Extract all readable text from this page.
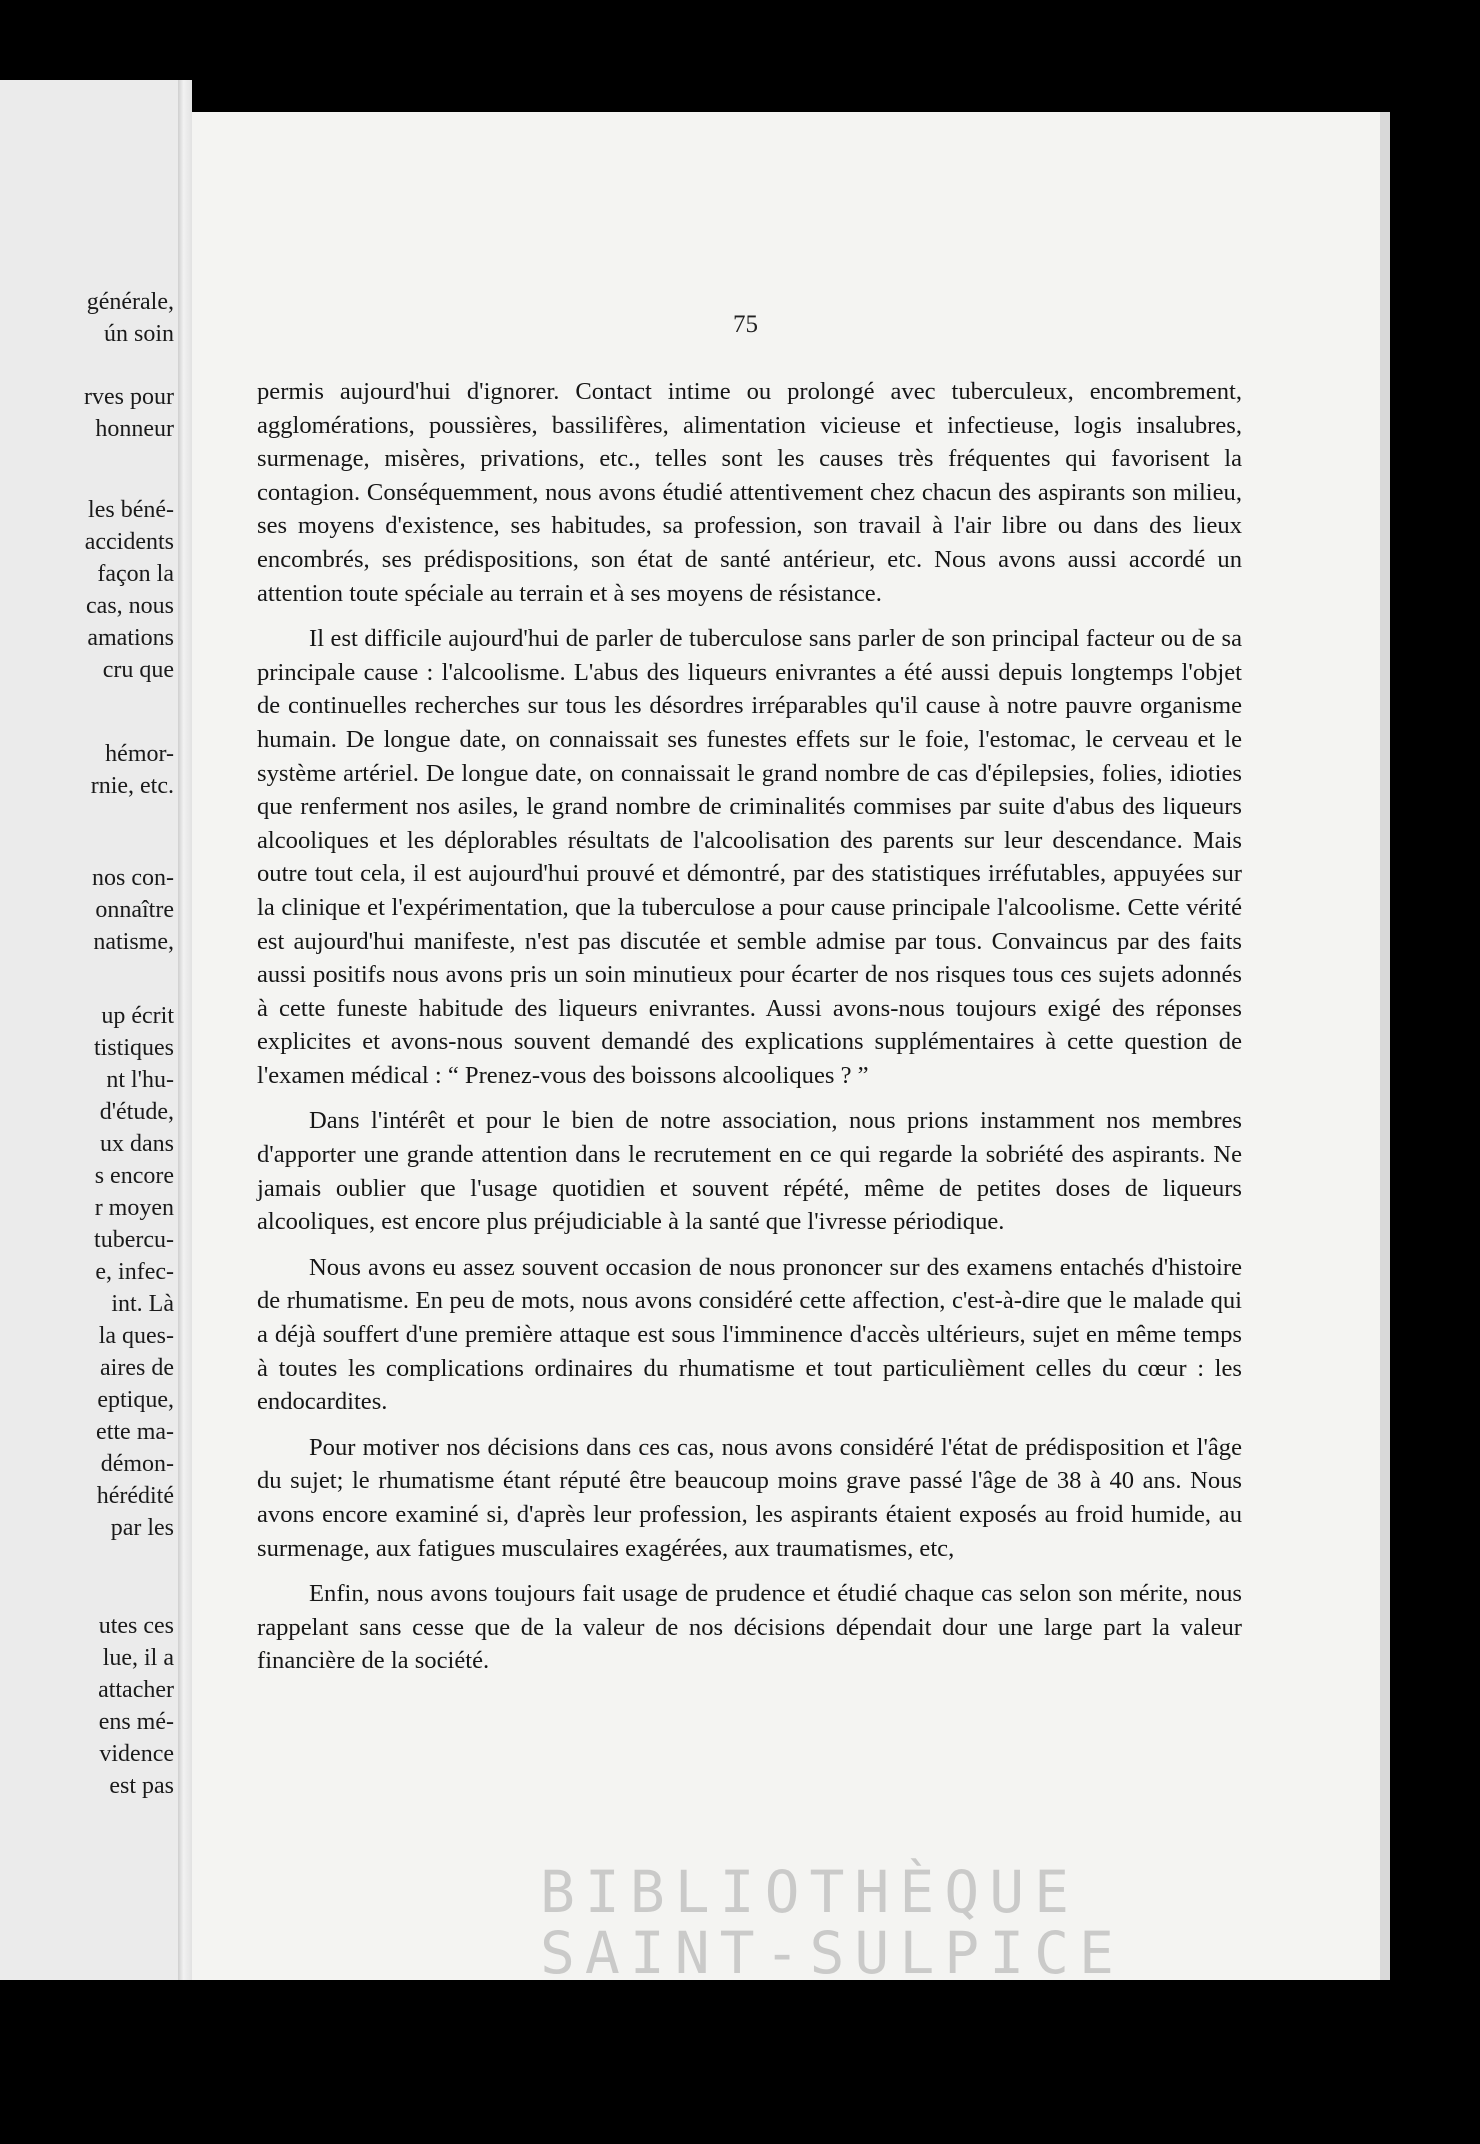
générale,
ún soin
rves pour
honneur
les béné-
accidents
façon la
cas, nous
amations
cru que
hémor-
rnie, etc.
nos con-
onnaître
natisme,
up écrit
tistiques
nt l'hu-
d'étude,
ux dans
s encore
r moyen
tubercu-
e, infec-
int. Là
la ques-
aires de
eptique,
ette ma-
démon-
hérédité
par les
utes ces
lue, il a
attacher
ens mé-
vidence
est pas
75

permis aujourd'hui d'ignorer. Contact intime ou prolongé avec tuberculeux, encombrement, agglomérations, poussières, bassilifères, alimentation vicieuse et infectieuse, logis insalubres, surmenage, misères, privations, etc., telles sont les causes très fréquentes qui favorisent la contagion. Conséquemment, nous avons étudié attentivement chez chacun des aspirants son milieu, ses moyens d'existence, ses habitudes, sa profession, son travail à l'air libre ou dans des lieux encombrés, ses prédispositions, son état de santé antérieur, etc. Nous avons aussi accordé un attention toute spéciale au terrain et à ses moyens de résistance.

Il est difficile aujourd'hui de parler de tuberculose sans parler de son principal facteur ou de sa principale cause : l'alcoolisme. L'abus des liqueurs enivrantes a été aussi depuis longtemps l'objet de continuelles recherches sur tous les désordres irréparables qu'il cause à notre pauvre organisme humain. De longue date, on connaissait ses funestes effets sur le foie, l'estomac, le cerveau et le système artériel. De longue date, on connaissait le grand nombre de cas d'épilepsies, folies, idioties que renferment nos asiles, le grand nombre de criminalités commises par suite d'abus des liqueurs alcooliques et les déplorables résultats de l'alcoolisation des parents sur leur descendance. Mais outre tout cela, il est aujourd'hui prouvé et démontré, par des statistiques irréfutables, appuyées sur la clinique et l'expérimentation, que la tuberculose a pour cause principale l'alcoolisme. Cette vérité est aujourd'hui manifeste, n'est pas discutée et semble admise par tous. Convaincus par des faits aussi positifs nous avons pris un soin minutieux pour écarter de nos risques tous ces sujets adonnés à cette funeste habitude des liqueurs enivrantes. Aussi avons-nous toujours exigé des réponses explicites et avons-nous souvent demandé des explications supplémentaires à cette question de l'examen médical : “ Prenez-vous des boissons alcooliques ? ”

Dans l'intérêt et pour le bien de notre association, nous prions instamment nos membres d'apporter une grande attention dans le recrutement en ce qui regarde la sobriété des aspirants. Ne jamais oublier que l'usage quotidien et souvent répété, même de petites doses de liqueurs alcooliques, est encore plus préjudiciable à la santé que l'ivresse périodique.

Nous avons eu assez souvent occasion de nous prononcer sur des examens entachés d'histoire de rhumatisme. En peu de mots, nous avons considéré cette affection, c'est-à-dire que le malade qui a déjà souffert d'une première attaque est sous l'imminence d'accès ultérieurs, sujet en même temps à toutes les complications ordinaires du rhumatisme et tout particulièment celles du cœur : les endocardites.

Pour motiver nos décisions dans ces cas, nous avons considéré l'état de prédisposition et l'âge du sujet; le rhumatisme étant réputé être beaucoup moins grave passé l'âge de 38 à 40 ans. Nous avons encore examiné si, d'après leur profession, les aspirants étaient exposés au froid humide, au surmenage, aux fatigues musculaires exagérées, aux traumatismes, etc,

Enfin, nous avons toujours fait usage de prudence et étudié chaque cas selon son mérite, nous rappelant sans cesse que de la valeur de nos décisions dépendait dour une large part la valeur financière de la société.

BIBLIOTHÈQUE
SAINT-SULPICE
